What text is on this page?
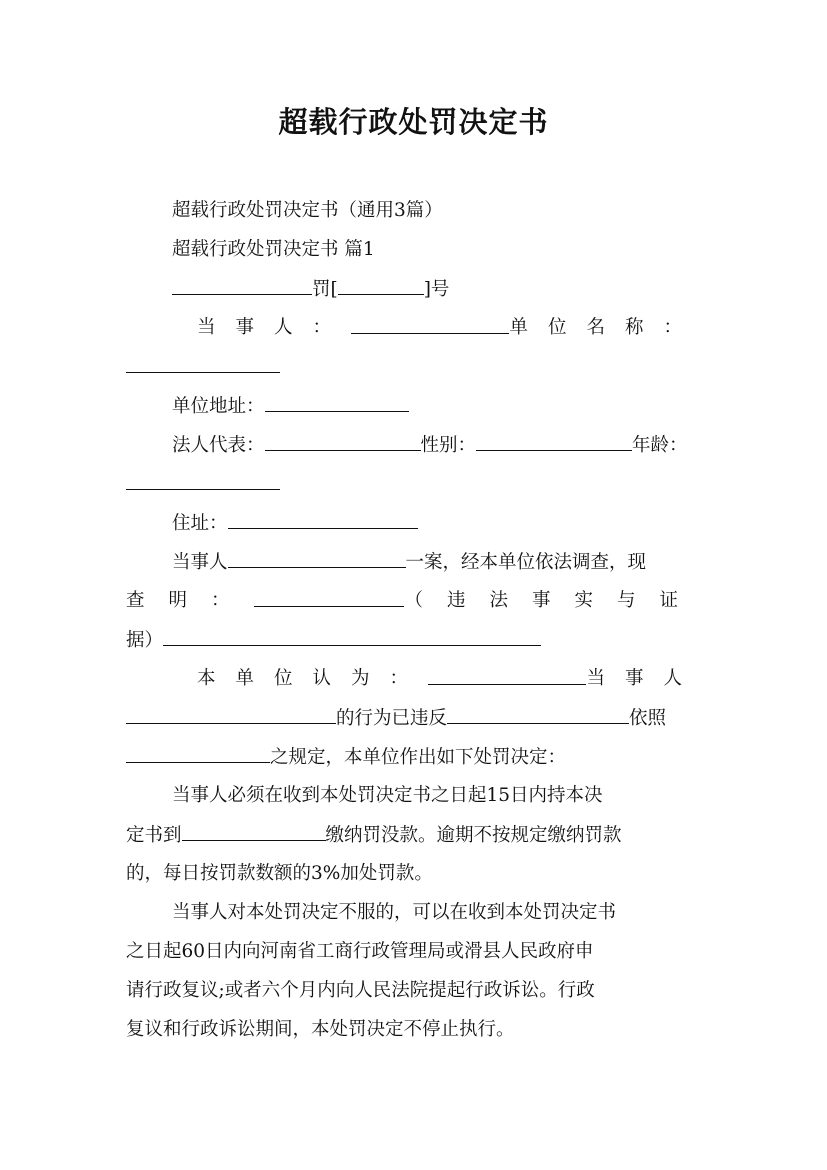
超载行政处罚决定书
超载行政处罚决定书（通用3篇）
超载行政处罚决定书 篇1
罚[	]号
当事人：	单位名称：
单位地址：
法人代表：	性别：	年龄：
住址：
当事人	一案，经本单位依法调查，现
查明：	（违法事实与证
据）
本单位认为：	当事人
的行为已违反	依照
之规定，本单位作出如下处罚决定：
当事人必须在收到本处罚决定书之日起15日内持本决
定书到	缴纳罚没款。逾期不按规定缴纳罚款
的，每日按罚款数额的3%加处罚款。
当事人对本处罚决定不服的，可以在收到本处罚决定书
之日起60日内向河南省工商行政管理局或滑县人民政府申
请行政复议;或者六个月内向人民法院提起行政诉讼。行政
复议和行政诉讼期间，本处罚决定不停止执行。
